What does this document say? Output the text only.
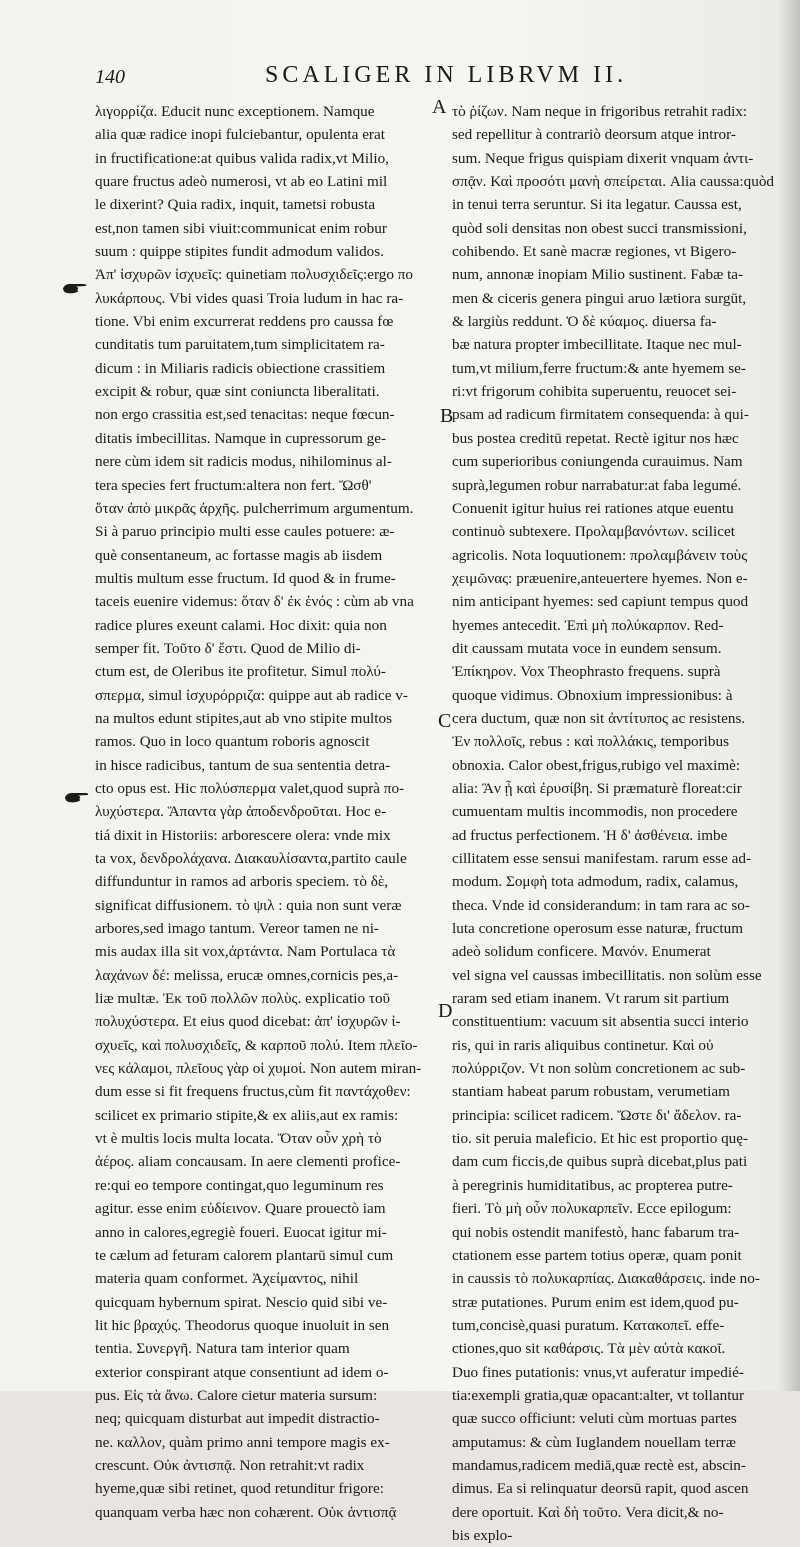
140	SCALIGER IN LIBRVM II.
λιγορρίζα. Educit nunc exceptionem. Namque
alia quæ radice inopi fulciebantur, opulenta erat
in fructificatione:at quibus valida radix,vt Milio,
quare fructus adeò numerosi, vt ab eo Latini mil
le dixerint? Quia radix, inquit, tametsi robusta
est,non tamen sibi viuit:communicat enim robur
suum : quippe stipites fundit admodum validos.
Ἀπ' ἰσχυρῶν ἰσχυεῖς: quinetiam πολυσχιδεῖς:ergo πο
λυκάρπους. Vbi vides quasi Troia ludum in hac ra-
tione. Vbi enim excurrerat reddens pro caussa fœ
cunditatis tum paruitatem,tum simplicitatem ra-
dicum : in Miliaris radicis obiectione crassitiem
excipit & robur, quæ sint coniuncta liberalitati.
non ergo crassitia est,sed tenacitas: neque fœcun-
ditatis imbecillitas. Namque in cupressorum ge-
nere cùm idem sit radicis modus, nihilominus al-
tera species fert fructum:altera non fert. Ὥσθ'
ὅταν ἀπὸ μικρᾶς ἀρχῆς. pulcherrimum argumentum.
Si à paruo principio multi esse caules potuere: æ-
què consentaneum, ac fortasse magis ab iisdem
multis multum esse fructum. Id quod & in frume-
taceis euenire videmus: ὅταν δ' ἐκ ἑνός : cùm ab vna
radice plures exeunt calami. Hoc dixit: quia non
semper fit. Τοῦτο δ' ἔστι. Quod de Milio di-
ctum est, de Oleribus ite profitetur. Simul πολύ-
σπερμα, simul ἰσχυρόρριζα: quippe aut ab radice v-
na multos edunt stipites,aut ab vno stipite multos
ramos. Quo in loco quantum roboris agnoscit
in hisce radicibus, tantum de sua sententia detra-
cto opus est. Hic πολύσπερμα valet,quod suprà πο-
λυχύστερα. Ἅπαντα γὰρ ἀποδενδροῦται. Hoc e-
tiá dixit in Historiis: arborescere olera: vnde mix
ta vox, δενδρολάχανα. Διακαυλίσαντα,partito caule
diffunduntur in ramos ad arboris speciem. τὸ δὲ,
significat diffusionem. τὸ ψιλ : quia non sunt veræ
arbores,sed imago tantum. Vereor tamen ne ni-
mis audax illa sit vox,ἀρτάντα. Nam Portulaca τὰ
λαχάνων δέ: melissa, erucæ omnes,cornicis pes,a-
liæ multæ. Ἐκ τοῦ πολλῶν πολὺς. explicatio τοῦ
πολυχύστερα. Et eius quod dicebat: ἀπ' ἰσχυρῶν ἰ-
σχυεῖς, καὶ πολυσχιδεῖς, & καρποῦ πολύ. Item πλεῖο-
νες κάλαμοι, πλεῖους γὰρ οἱ χυμοί. Non autem miran-
dum esse si fit frequens fructus,cùm fit παντάχοθεν:
scilicet ex primario stipite,& ex aliis,aut ex ramis:
vt è multis locis multa locata. Ὅταν οὖν χρὴ τὸ
ἀέρος. aliam concausam. In aere clementi profice-
re:qui eo tempore contingat,quo leguminum res
agitur. esse enim εὐδίεινον. Quare prouectò iam
anno in calores,egregiè foueri. Euocat igitur mi-
te cælum ad feturam calorem plantarū simul cum
materia quam conformet. Ἀχείμαντος, nihil
quicquam hybernum spirat. Nescio quid sibi ve-
lit hic βραχύς. Theodorus quoque inuoluit in sen
tentia. Συνεργῆ. Natura tam interior quam
exterior conspirant atque consentiunt ad idem o-
pus. Εἰς τὰ ἄνω. Calore cietur materia sursum:
neq; quicquam disturbat aut impedit distractio-
ne. καλλον, quàm primo anni tempore magis ex-
crescunt. Οὐκ ἀντισπᾷ. Non retrahit:vt radix
hyeme,quæ sibi retinet, quod retunditur frigore:
quanquam verba hæc non cohærent. Οὐκ ἀντισπᾷ
τὸ ῥίζων. Nam neque in frigoribus retrahit radix:
sed repellitur à contrariò deorsum atque intror-
sum. Neque frigus quispiam dixerit vnquam ἀντι-
σπᾷν. Καὶ προσότι μανὴ σπείρεται. Alia caussa:quòd
in tenui terra seruntur. Si ita legatur. Caussa est,
quòd soli densitas non obest succi transmissioni,
cohibendo. Et sanè macræ regiones, vt Bigero-
num, annonæ inopiam Milio sustinent. Fabæ ta-
men & ciceris genera pingui aruo lætiora surgūt,
& largiùs reddunt. Ὁ δὲ κύαμος. diuersa fa-
bæ natura propter imbecillitate. Itaque nec mul-
tum,vt milium,ferre fructum:& ante hyemem se-
ri:vt frigorum cohibita superuentu, reuocet sei-
psam ad radicum firmitatem consequenda: à qui-
bus postea creditū repetat. Rectè igitur nos hæc
cum superioribus coniungenda curauimus. Nam
suprà,legumen robur narrabatur:at faba legumé.
Conuenit igitur huius rei rationes atque euentu
continuò subtexere. Προλαμβανόντων. scilicet
agricolis. Nota loquutionem: προλαμβάνειν τοὺς
χειμῶνας: præuenire,anteuertere hyemes. Non e-
nim anticipant hyemes: sed capiunt tempus quod
hyemes antecedit. Ἐπὶ μὴ πολύκαρπον. Red-
dit caussam mutata voce in eundem sensum.
Ἐπίκηρον. Vox Theophrasto frequens. suprà
quoque vidimus. Obnoxium impressionibus: à
cera ductum, quæ non sit ἀντίτυπος ac resistens.
Ἐν πολλοῖς, rebus : καὶ πολλάκις, temporibus
obnoxia. Calor obest,frigus,rubigo vel maximè:
alia: Ἂν ᾖ καὶ ἐρυσίβη. Si præmaturè floreat:cir
cumuentam multis incommodis, non procedere
ad fructus perfectionem. Ἡ δ' ἀσθένεια. imbe
cillitatem esse sensui manifestam. rarum esse ad-
modum. Σομφὴ tota admodum, radix, calamus,
theca. Vnde id considerandum: in tam rara ac so-
luta concretione operosum esse naturæ, fructum
adeò solidum conficere. Μανόν. Enumerat
vel signa vel caussas imbecillitatis. non solùm esse
raram sed etiam inanem. Vt rarum sit partium
constituentium: vacuum sit absentia succi interio
ris, qui in raris aliquibus continetur. Καὶ οὐ
πολύρριζον. Vt non solùm concretionem ac sub-
stantiam habeat parum robustam, verumetiam
principia: scilicet radicem. Ὥστε δι' ἄδελον. ra-
tio. sit peruia maleficio. Et hic est proportio quę-
dam cum ficcis,de quibus suprà dicebat,plus pati
à peregrinis humiditatibus, ac propterea putre-
fieri. Τὸ μὴ οὖν πολυκαρπεῖν. Ecce epilogum:
qui nobis ostendit manifestò, hanc fabarum tra-
ctationem esse partem totius operæ, quam ponit
in caussis τὸ πολυκαρπίας. Διακαθάρσεις. inde no-
stræ putationes. Purum enim est idem,quod pu-
tum,concisè,quasi puratum. Κατακοπεῖ. effe-
ctiones,quo sit καθάρσις. Τὰ μὲν αὐτὰ κακοῖ.
Duo fines putationis: vnus,vt auferatur impedié-
tia:exempli gratia,quæ opacant:alter, vt tollantur
quæ succo officiunt: veluti cùm mortuas partes
amputamus: & cùm Iuglandem nouellam terræ
mandamus,radicem mediā,quæ rectè est, abscin-
dimus. Ea si relinquatur deorsū rapit, quod ascen
dere oportuit. Καὶ δὴ τοῦτο. Vera dicit,& no-
bis explo-
A
B
C
D
